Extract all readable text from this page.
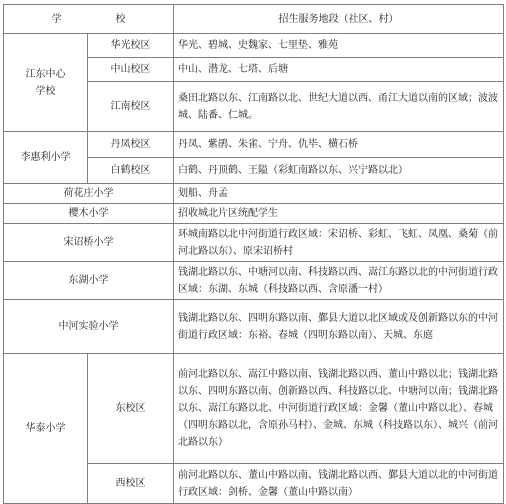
学　校		招生服务地段（社区、村）
江东中心学校	华光校区	华光、碧城、史魏家、七里垫、雅苑
	中山校区	中山、潜龙、七塔、后塘
	江南校区	桑田北路以东、江南路以北、世纪大道以西、甬江大道以南的区域；波波城、陆番、仁城。
李惠利小学	丹凤校区	丹凤、紫鹃、朱雀、宁舟、仇毕、横石桥
	白鹤校区	白鹤、丹顶鹤、王隘（彩虹南路以东、兴宁路以北）
荷花庄小学		划船、舟孟
樱木小学		招收城北片区统配学生
宋诏桥小学		环城南路以北中河街道行政区域：宋诏桥、彩虹、飞虹、凤凰、桑菊（前河北路以东）、原宋诏桥村
东湖小学		钱湖北路以东、中塘河以南、科技路以西、嵩江东路以北的中河街道行政区域：东湖、东城（科技路以西、含原潘一村）
中河实验小学		钱湖北路以东、四明东路以南、鄞县大道以北区域或及创新路以东的中河街道行政区域：东裕、春城（四明东路以南）、天城、东庭
华泰小学	东校区	前河北路以东、嵩江中路以南、钱湖北路以西、董山中路以北；钱湖北路以东、四明东路以南、创新路以西、科技路以北、中塘河以南；钱湖北路以东、嵩江东路以北、中河街道行政区域：金馨（董山中路以北）、春城（四明东路以北，含原孙马村）、金城、东城（科技路以东）、城兴（前河北路以东）
	西校区	前河北路以东、董山中路以南、钱湖北路以西、鄞县大道以北的中河街道行政区域：剑桥、金馨（董山中路以南）
